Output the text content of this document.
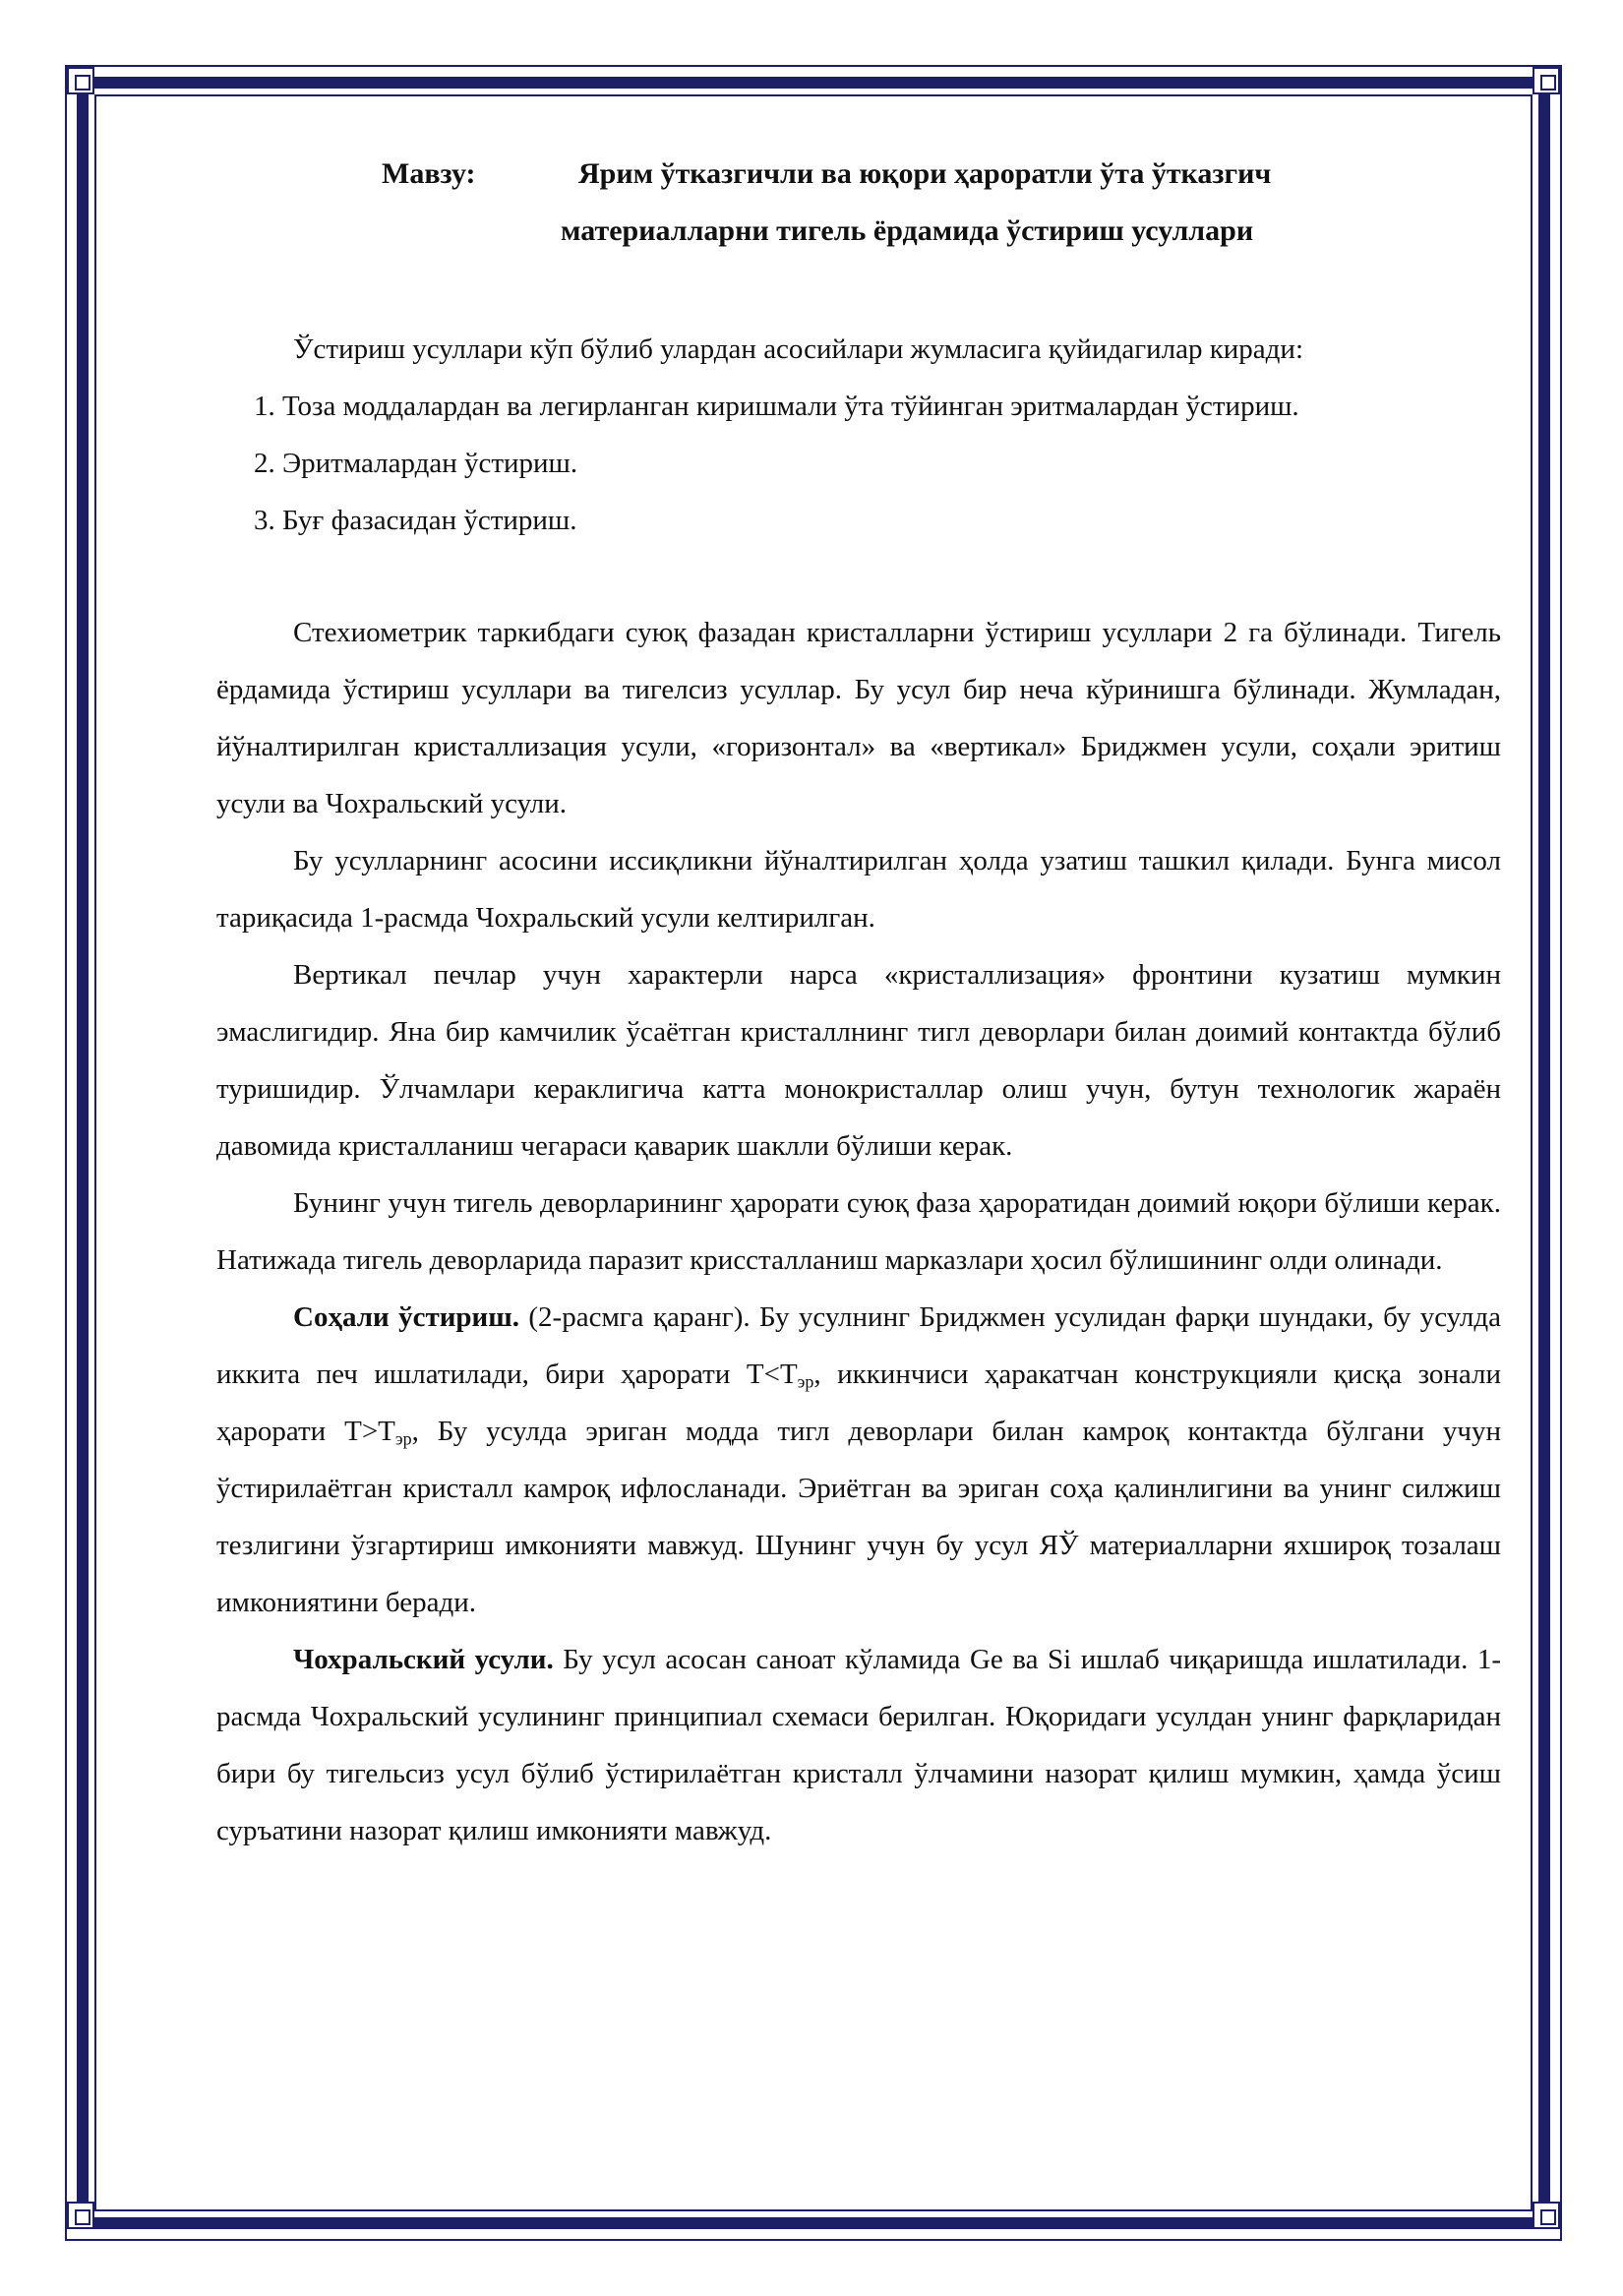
Мавзу:	Ярим ўтказгичли ва юқори ҳароратли ўта ўтказгич
материалларни тигель ёрдамида ўстириш усуллари
Ўстириш усуллари кўп бўлиб улардан асосийлари жумласига қуйидагилар киради:
1. Тоза моддалардан ва легирланган киришмали ўта тўйинган эритмалардан ўстириш.
2. Эритмалардан ўстириш.
3. Буғ фазасидан ўстириш.

Стехиометрик таркибдаги суюқ фазадан кристалларни ўстириш усуллари 2 га бўлинади. Тигель ёрдамида ўстириш усуллари ва тигелсиз усуллар. Бу усул бир неча кўринишга бўлинади. Жумладан, йўналтирилган кристаллизация усули, «горизонтал» ва «вертикал» Бриджмен усули, соҳали эритиш усули ва Чохральский усули.

Бу усулларнинг асосини иссиқликни йўналтирилган ҳолда узатиш ташкил қилади. Бунга мисол тариқасида 1-расмда Чохральский усули келтирилган.

Вертикал печлар учун характерли нарса «кристаллизация» фронтини кузатиш мумкин эмаслигидир. Яна бир камчилик ўсаётган кристаллнинг тигл деворлари билан доимий контактда бўлиб туришидир. Ўлчамлари кераклигича катта монокристаллар олиш учун, бутун технологик жараён давомида кристалланиш чегараси қаварик шаклли бўлиши керак.

Бунинг учун тигель деворларининг ҳарорати суюқ фаза ҳароратидан доимий юқори бўлиши керак. Натижада тигель деворларида паразит криссталланиш марказлари ҳосил бўлишининг олди олинади.

Соҳали ўстириш. (2-расмга қаранг). Бу усулнинг Бриджмен усулидан фарқи шундаки, бу усулда иккита печ ишлатилади, бири ҳарорати $T<T_{эр}$, иккинчиси ҳаракатчан конструкцияли қисқа зонали ҳарорати $T>T_{эр}$, Бу усулда эриган модда тигл деворлари билан камроқ контактда бўлгани учун ўстирилаётган кристалл камроқ ифлосланади. Эриётган ва эриган соҳа қалинлигини ва унинг силжиш тезлигини ўзгартириш имконияти мавжуд. Шунинг учун бу усул ЯЎ материалларни яхшироқ тозалаш имкониятини беради.

Чохральский усули. Бу усул асосан саноат кўламида Ge ва Si ишлаб чиқаришда ишлатилади. 1-расмда Чохральский усулининг принципиал схемаси берилган. Юқоридаги усулдан унинг фарқларидан бири бу тигельсиз усул бўлиб ўстирилаётган кристалл ўлчамини назорат қилиш мумкин, ҳамда ўсиш суръатини назорат қилиш имконияти мавжуд.
